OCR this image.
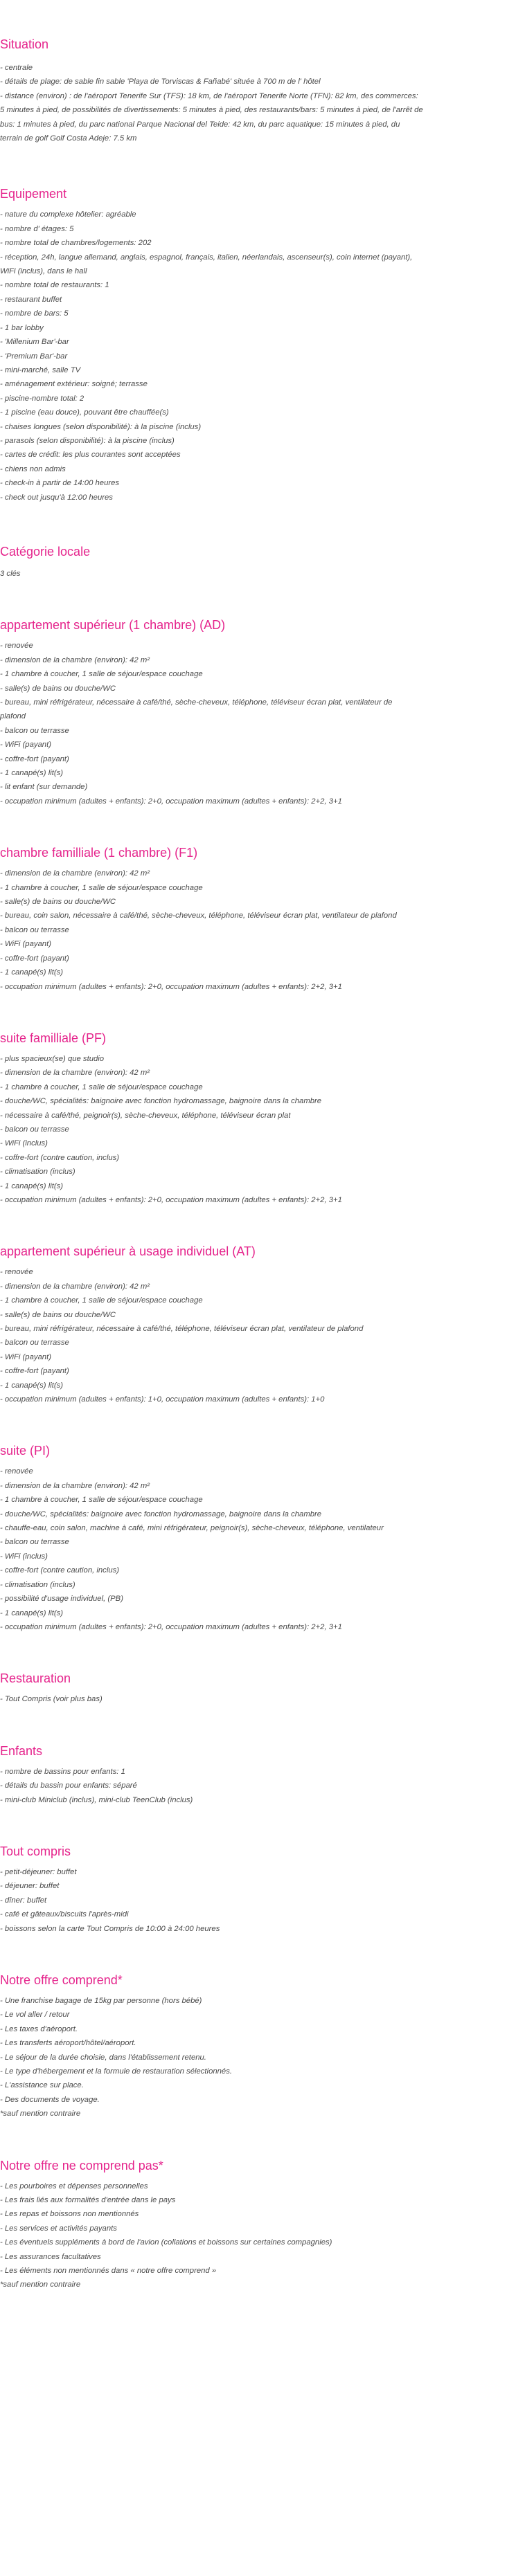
Situation

- centrale

- détails de plage: de sable fin sable 'Playa de Torviscas & Fañabé' située à 700 m de l' hôtel

- distance (environ) : de l'aéroport Tenerife Sur (TFS): 18 km, de l'aéroport Tenerife Norte (TFN): 82 km, des commerces:

5 minutes à pied, de possibilités de divertissements: 5 minutes à pied, des restaurants/bars: 5 minutes à pied, de l'arrêt de

bus: 1 minutes à pied, du parc national Parque Nacional del Teide: 42 km, du parc aquatique: 15 minutes à pied, du

terrain de golf Golf Costa Adeje: 7.5 km

Equipement

- nature du complexe hôtelier: agréable

- nombre d' étages: 5

- nombre total de chambres/logements: 202

- réception, 24h, langue allemand, anglais, espagnol, français, italien, néerlandais, ascenseur(s), coin internet (payant),

WiFi (inclus), dans le hall

- nombre total de restaurants: 1

- restaurant buffet

- nombre de bars: 5

- 1 bar lobby

- 'Millenium Bar'-bar

- 'Premium Bar'-bar

- mini-marché, salle TV

- aménagement extérieur: soigné; terrasse

- piscine-nombre total: 2

- 1 piscine (eau douce), pouvant être chauffée(s)

- chaises longues (selon disponibilité): à la piscine (inclus)

- parasols (selon disponibilité): à la piscine (inclus)

- cartes de crédit: les plus courantes sont acceptées

- chiens non admis

- check-in à partir de 14:00 heures

- check out jusqu'à 12:00 heures

Catégorie locale

3 clés

appartement supérieur (1 chambre) (AD)

- renovée

- dimension de la chambre (environ): 42 m²

- 1 chambre à coucher, 1 salle de séjour/espace couchage

- salle(s) de bains ou douche/WC

- bureau, mini réfrigérateur, nécessaire à café/thé, sèche-cheveux, téléphone, téléviseur écran plat, ventilateur de

plafond

- balcon ou terrasse

- WiFi (payant)

- coffre-fort (payant)

- 1 canapé(s) lit(s)

- lit enfant (sur demande)

- occupation minimum (adultes + enfants): 2+0, occupation maximum (adultes + enfants): 2+2, 3+1

chambre familliale (1 chambre) (F1)

- dimension de la chambre (environ): 42 m²

- 1 chambre à coucher, 1 salle de séjour/espace couchage

- salle(s) de bains ou douche/WC

- bureau, coin salon, nécessaire à café/thé, sèche-cheveux, téléphone, téléviseur écran plat, ventilateur de plafond

- balcon ou terrasse

- WiFi (payant)

- coffre-fort (payant)

- 1 canapé(s) lit(s)

- occupation minimum (adultes + enfants): 2+0, occupation maximum (adultes + enfants): 2+2, 3+1

suite familliale (PF)

- plus spacieux(se) que studio

- dimension de la chambre (environ): 42 m²

- 1 chambre à coucher, 1 salle de séjour/espace couchage

- douche/WC, spécialités: baignoire avec fonction hydromassage, baignoire dans la chambre

- nécessaire à café/thé, peignoir(s), sèche-cheveux, téléphone, téléviseur écran plat

- balcon ou terrasse

- WiFi (inclus)

- coffre-fort (contre caution, inclus)

- climatisation (inclus)

- 1 canapé(s) lit(s)

- occupation minimum (adultes + enfants): 2+0, occupation maximum (adultes + enfants): 2+2, 3+1

appartement supérieur à usage individuel (AT)

- renovée

- dimension de la chambre (environ): 42 m²

- 1 chambre à coucher, 1 salle de séjour/espace couchage

- salle(s) de bains ou douche/WC

- bureau, mini réfrigérateur, nécessaire à café/thé, téléphone, téléviseur écran plat, ventilateur de plafond

- balcon ou terrasse

- WiFi (payant)

- coffre-fort (payant)

- 1 canapé(s) lit(s)

- occupation minimum (adultes + enfants): 1+0, occupation maximum (adultes + enfants): 1+0

suite (PI)

- renovée

- dimension de la chambre (environ): 42 m²

- 1 chambre à coucher, 1 salle de séjour/espace couchage

- douche/WC, spécialités: baignoire avec fonction hydromassage, baignoire dans la chambre

- chauffe-eau, coin salon, machine à café, mini réfrigérateur, peignoir(s), sèche-cheveux, téléphone, ventilateur

- balcon ou terrasse

- WiFi (inclus)

- coffre-fort (contre caution, inclus)

- climatisation (inclus)

- possibilité d'usage individuel, (PB)

- 1 canapé(s) lit(s)

- occupation minimum (adultes + enfants): 2+0, occupation maximum (adultes + enfants): 2+2, 3+1

Restauration

- Tout Compris (voir plus bas)

Enfants

- nombre de bassins pour enfants: 1

- détails du bassin pour enfants: séparé

- mini-club Miniclub (inclus), mini-club TeenClub (inclus)

Tout compris

- petit-déjeuner: buffet

- déjeuner: buffet

- dîner: buffet

- café et gâteaux/biscuits l'après-midi

- boissons selon la carte Tout Compris de 10:00 à 24:00 heures

Notre offre comprend*

- Une franchise bagage de 15kg par personne (hors bébé)

- Le vol aller / retour

- Les taxes d'aéroport.

- Les transferts aéroport/hôtel/aéroport.

- Le séjour de la durée choisie, dans l'établissement retenu.

- Le type d'hébergement et la formule de restauration sélectionnés.

- L'assistance sur place.

- Des documents de voyage.

*sauf mention contraire

Notre offre ne comprend pas*

- Les pourboires et dépenses personnelles

- Les frais liés aux formalités d'entrée dans le pays

- Les repas et boissons non mentionnés

- Les services et activités payants

- Les éventuels suppléments à bord de l'avion (collations et boissons sur certaines compagnies)

- Les assurances facultatives

- Les éléments non mentionnés dans « notre offre comprend »

*sauf mention contraire
